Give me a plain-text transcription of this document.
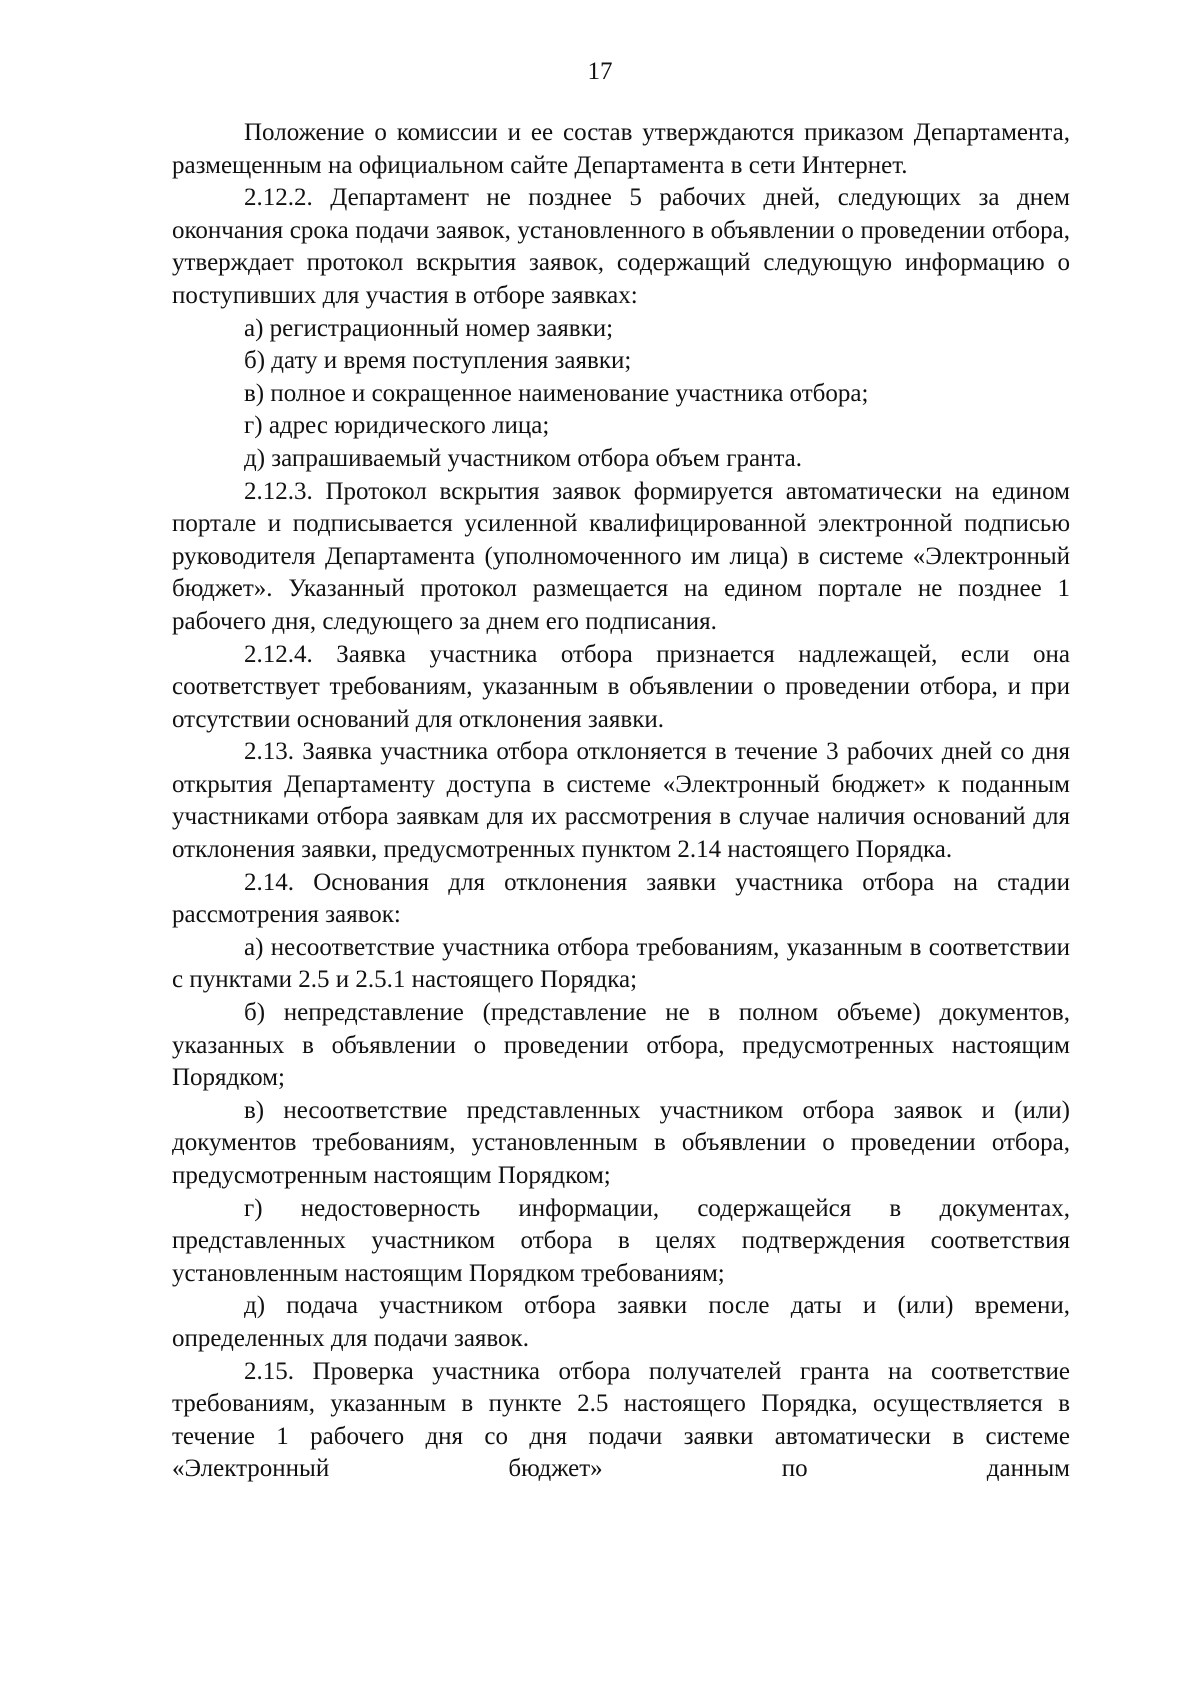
17

Положение о комиссии и ее состав утверждаются приказом Департамента, размещенным на официальном сайте Департамента в сети Интернет.

2.12.2. Департамент не позднее 5 рабочих дней, следующих за днем окончания срока подачи заявок, установленного в объявлении о проведении отбора, утверждает протокол вскрытия заявок, содержащий следующую информацию о поступивших для участия в отборе заявках:

а) регистрационный номер заявки;

б) дату и время поступления заявки;

в) полное и сокращенное наименование участника отбора;

г) адрес юридического лица;

д) запрашиваемый участником отбора объем гранта.

2.12.3. Протокол вскрытия заявок формируется автоматически на едином портале и подписывается усиленной квалифицированной электронной подписью руководителя Департамента (уполномоченного им лица) в системе «Электронный бюджет». Указанный протокол размещается на едином портале не позднее 1 рабочего дня, следующего за днем его подписания.

2.12.4. Заявка участника отбора признается надлежащей, если она соответствует требованиям, указанным в объявлении о проведении отбора, и при отсутствии оснований для отклонения заявки.

2.13. Заявка участника отбора отклоняется в течение 3 рабочих дней со дня открытия Департаменту доступа в системе «Электронный бюджет» к поданным участниками отбора заявкам для их рассмотрения в случае наличия оснований для отклонения заявки, предусмотренных пунктом 2.14 настоящего Порядка.

2.14. Основания для отклонения заявки участника отбора на стадии рассмотрения заявок:

а) несоответствие участника отбора требованиям, указанным в соответствии с пунктами 2.5 и 2.5.1 настоящего Порядка;

б) непредставление (представление не в полном объеме) документов, указанных в объявлении о проведении отбора, предусмотренных настоящим Порядком;

в) несоответствие представленных участником отбора заявок и (или) документов требованиям, установленным в объявлении о проведении отбора, предусмотренным настоящим Порядком;

г) недостоверность информации, содержащейся в документах, представленных участником отбора в целях подтверждения соответствия установленным настоящим Порядком требованиям;

д) подача участником отбора заявки после даты и (или) времени, определенных для подачи заявок.

2.15. Проверка участника отбора получателей гранта на соответствие требованиям, указанным в пункте 2.5 настоящего Порядка, осуществляется в течение 1 рабочего дня со дня подачи заявки автоматически в системе «Электронный бюджет» по данным
